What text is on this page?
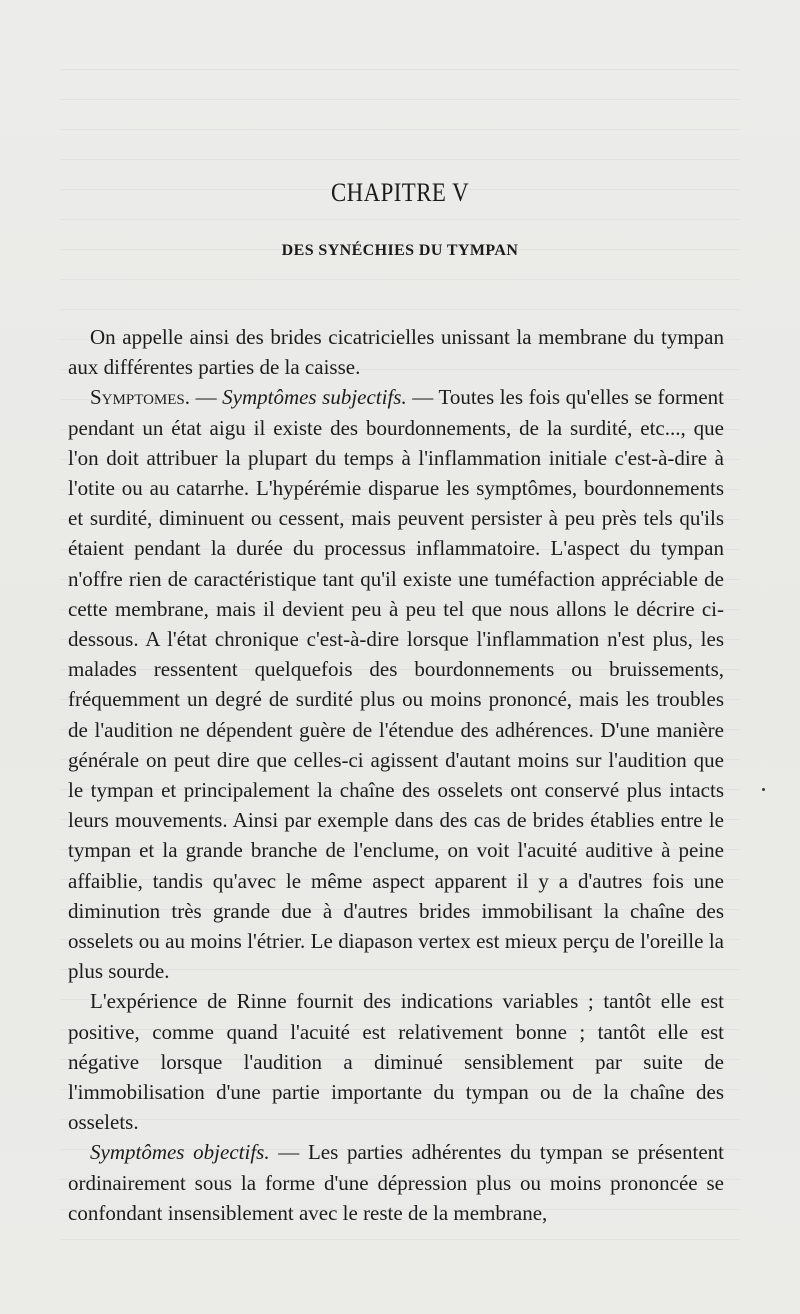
CHAPITRE V
DES SYNÉCHIES DU TYMPAN

On appelle ainsi des brides cicatricielles unissant la membrane du tympan aux différentes parties de la caisse.

Symptomes. — Symptômes subjectifs. — Toutes les fois qu'elles se forment pendant un état aigu il existe des bourdonnements, de la surdité, etc..., que l'on doit attribuer la plupart du temps à l'inflammation initiale c'est-à-dire à l'otite ou au catarrhe. L'hypérémie disparue les symptômes, bourdonnements et surdité, diminuent ou cessent, mais peuvent persister à peu près tels qu'ils étaient pendant la durée du processus inflammatoire. L'aspect du tympan n'offre rien de caractéristique tant qu'il existe une tuméfaction appréciable de cette membrane, mais il devient peu à peu tel que nous allons le décrire ci-dessous. A l'état chronique c'est-à-dire lorsque l'inflammation n'est plus, les malades ressentent quelquefois des bourdonnements ou bruissements, fréquemment un degré de surdité plus ou moins prononcé, mais les troubles de l'audition ne dépendent guère de l'étendue des adhérences. D'une manière générale on peut dire que celles-ci agissent d'autant moins sur l'audition que le tympan et principalement la chaîne des osselets ont conservé plus intacts leurs mouvements. Ainsi par exemple dans des cas de brides établies entre le tympan et la grande branche de l'enclume, on voit l'acuité auditive à peine affaiblie, tandis qu'avec le même aspect apparent il y a d'autres fois une diminution très grande due à d'autres brides immobilisant la chaîne des osselets ou au moins l'étrier. Le diapason vertex est mieux perçu de l'oreille la plus sourde.

L'expérience de Rinne fournit des indications variables ; tantôt elle est positive, comme quand l'acuité est relativement bonne ; tantôt elle est négative lorsque l'audition a diminué sensiblement par suite de l'immobilisation d'une partie importante du tympan ou de la chaîne des osselets.

Symptômes objectifs. — Les parties adhérentes du tympan se présentent ordinairement sous la forme d'une dépression plus ou moins prononcée se confondant insensiblement avec le reste de la membrane,
